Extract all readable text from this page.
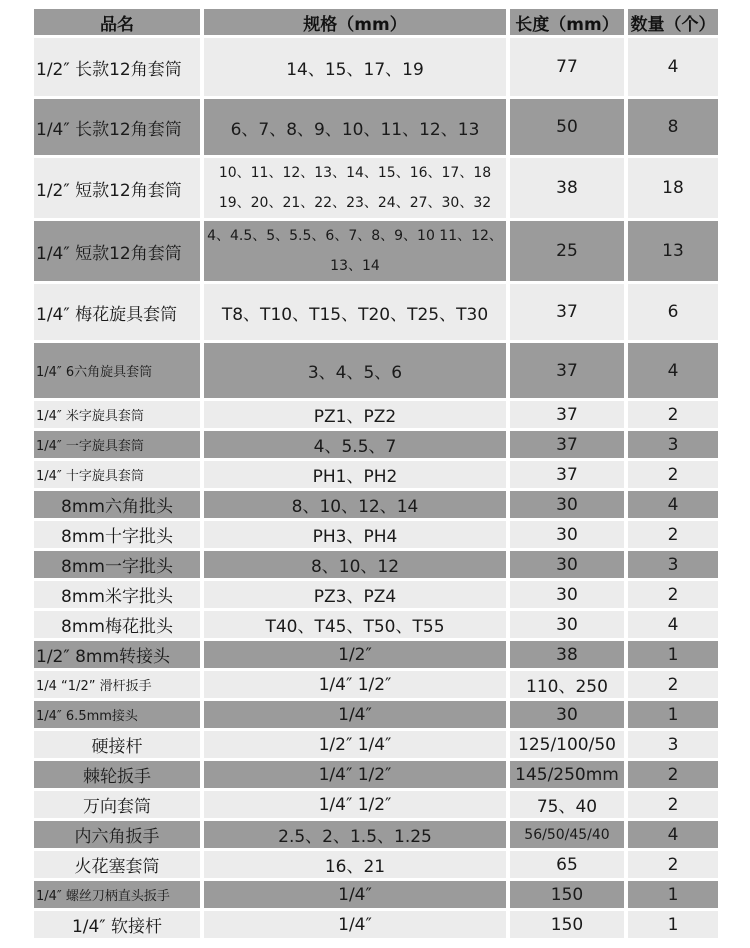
品名	规格（mm）	长度（mm）	数量（个）
1/2″ 长款12角套筒	14、15、17、19	77	4
1/4″ 长款12角套筒	6、7、8、9、10、11、12、13	50	8
1/2″ 短款12角套筒	10、11、12、13、14、15、16、17、18 19、20、21、22、23、24、27、30、32	38	18
1/4″ 短款12角套筒	4、4.5、5、5.5、6、7、8、9、10 11、12、13、14	25	13
1/4″ 梅花旋具套筒	T8、T10、T15、T20、T25、T30	37	6
1/4″ 6六角旋具套筒	3、4、5、6	37	4
1/4″ 米字旋具套筒	PZ1、PZ2	37	2
1/4″ 一字旋具套筒	4、5.5、7	37	3
1/4″ 十字旋具套筒	PH1、PH2	37	2
8mm六角批头	8、10、12、14	30	4
8mm十字批头	PH3、PH4	30	2
8mm一字批头	8、10、12	30	3
8mm米字批头	PZ3、PZ4	30	2
8mm梅花批头	T40、T45、T50、T55	30	4
1/2″ 8mm转接头	1/2″	38	1
1/4 “1/2” 滑杆扳手	1/4″ 1/2″	110、250	2
1/4″ 6.5mm接头	1/4″	30	1
硬接杆	1/2″ 1/4″	125/100/50	3
棘轮扳手	1/4″ 1/2″	145/250mm	2
万向套筒	1/4″ 1/2″	75、40	2
内六角扳手	2.5、2、1.5、1.25	56/50/45/40	4
火花塞套筒	16、21	65	2
1/4″ 螺丝刀柄直头扳手	1/4″	150	1
1/4″ 软接杆	1/4″	150	1
